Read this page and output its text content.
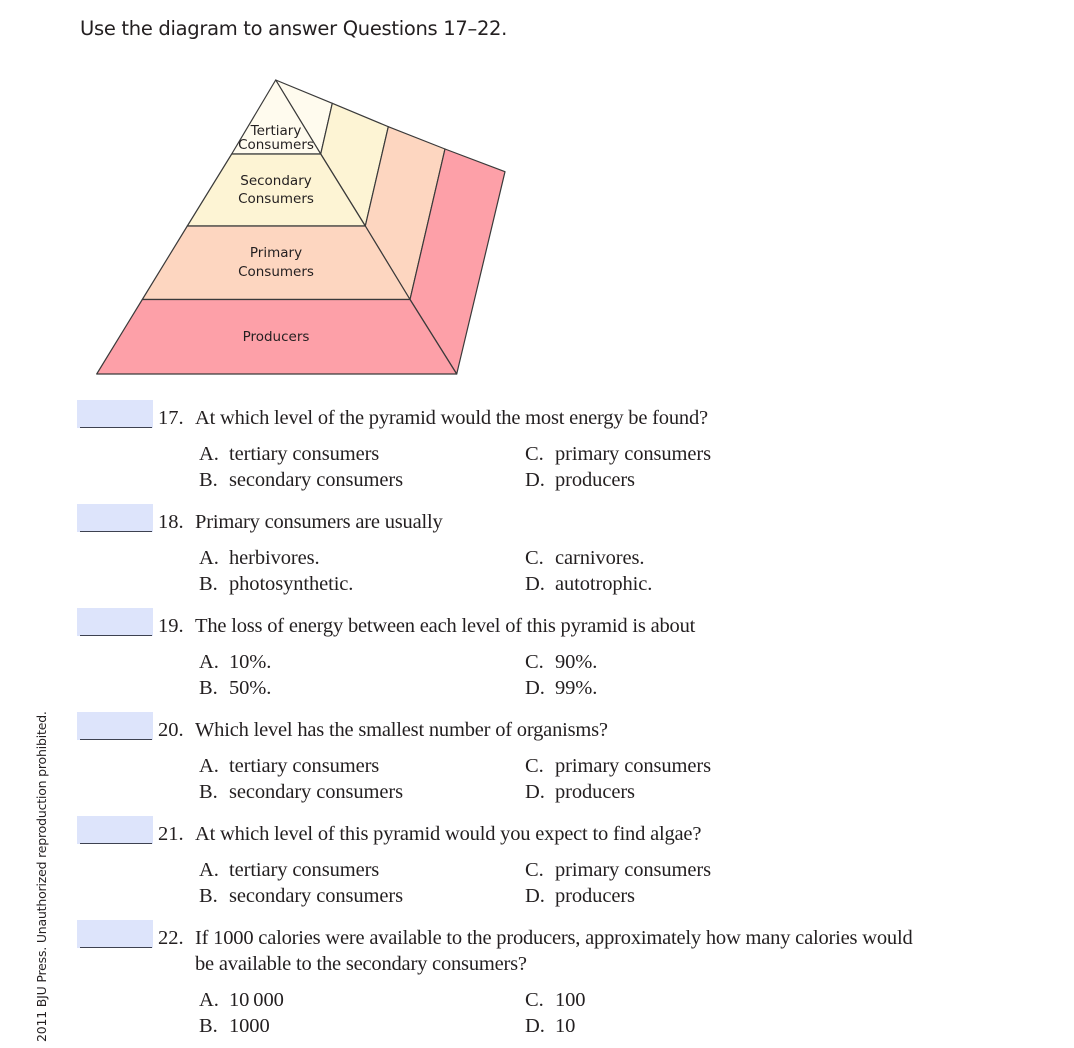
Use the diagram to answer Questions 17–22.
2011 BJU Press. Unauthorized reproduction prohibited.
Tertiary
Consumers
Secondary
Consumers
Primary
Consumers
Producers
17. At which level of the pyramid would the most energy be found?
A. tertiary consumers
B. secondary consumers
C. primary consumers
D. producers
18. Primary consumers are usually
A. herbivores.
B. photosynthetic.
C. carnivores.
D. autotrophic.
19. The loss of energy between each level of this pyramid is about
A. 10%.
B. 50%.
C. 90%.
D. 99%.
20. Which level has the smallest number of organisms?
A. tertiary consumers
B. secondary consumers
C. primary consumers
D. producers
21. At which level of this pyramid would you expect to find algae?
A. tertiary consumers
B. secondary consumers
C. primary consumers
D. producers
22. If 1000 calories were available to the producers, approximately how many calories would
be available to the secondary consumers?
A. 10 000
B. 1000
C. 100
D. 10
